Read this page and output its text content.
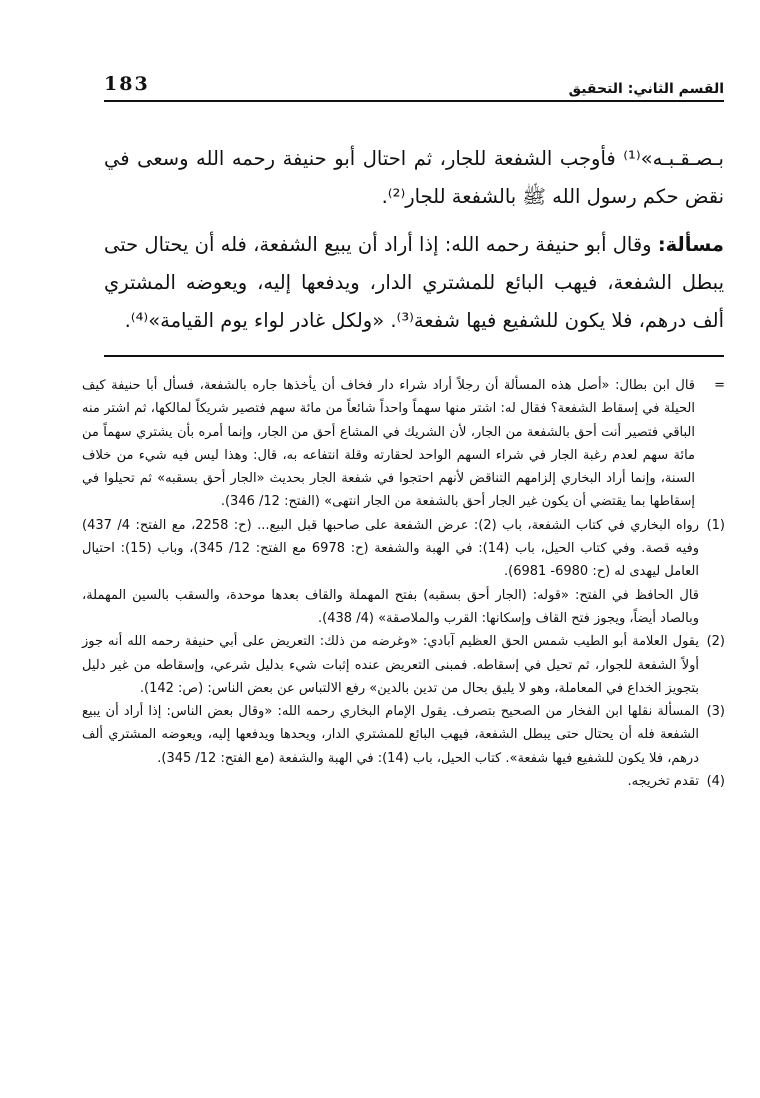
183	القسم الثاني: التحقيق

بـصـقـبـه»⁽¹⁾ فأوجب الشفعة للجار، ثم احتال أبو حنيفة رحمه الله وسعى في نقض حكم رسول الله ﷺ بالشفعة للجار⁽²⁾.

مسألة: وقال أبو حنيفة رحمه الله: إذا أراد أن يبيع الشفعة، فله أن يحتال حتى يبطل الشفعة، فيهب البائع للمشتري الدار، ويدفعها إليه، ويعوضه المشتري ألف درهم، فلا يكون للشفيع فيها شفعة⁽³⁾. «ولكل غادر لواء يوم القيامة»⁽⁴⁾.

=
قال ابن بطال: «أصل هذه المسألة أن رجلاً أراد شراء دار فخاف أن يأخذها جاره بالشفعة، فسأل أبا حنيفة كيف الحيلة في إسقاط الشفعة؟ فقال له: اشتر منها سهماً واحداً شائعاً من مائة سهم فتصير شريكاً لمالكها، ثم اشتر منه الباقي فتصير أنت أحق بالشفعة من الجار، لأن الشريك في المشاع أحق من الجار، وإنما أمره بأن يشتري سهماً من مائة سهم لعدم رغبة الجار في شراء السهم الواحد لحقارته وقلة انتفاعه به، قال: وهذا ليس فيه شيء من خلاف السنة، وإنما أراد البخاري إلزامهم التناقض لأنهم احتجوا في شفعة الجار بحديث «الجار أحق بسقبه» ثم تحيلوا في إسقاطها بما يقتضي أن يكون غير الجار أحق بالشفعة من الجار انتهى» (الفتح: 12/ 346).

(1)
رواه البخاري في كتاب الشفعة، باب (2): عرض الشفعة على صاحبها قبل البيع... (ح: 2258، مع الفتح: 4/ 437) وفيه قصة. وفي كتاب الحيل، باب (14): في الهبة والشفعة (ح: 6978 مع الفتح: 12/ 345)، وباب (15): احتيال العامل ليهدى له (ح: 6980- 6981).

قال الحافظ في الفتح: «قوله: (الجار أحق بسقبه) بفتح المهملة والقاف بعدها موحدة، والسقب بالسين المهملة، وبالصاد أيضاً، ويجوز فتح القاف وإسكانها: القرب والملاصقة» (4/ 438).

(2)
يقول العلامة أبو الطيب شمس الحق العظيم آبادي: «وغرضه من ذلك: التعريض على أبي حنيفة رحمه الله أنه جوز أولاً الشفعة للجوار، ثم تحيل في إسقاطه. فمبنى التعريض عنده إثبات شيء بدليل شرعي، وإسقاطه من غير دليل بتجويز الخداع في المعاملة، وهو لا يليق بحال من تدين بالدين» رفع الالتباس عن بعض الناس: (ص: 142).

(3)
المسألة نقلها ابن الفخار من الصحيح بتصرف. يقول الإمام البخاري رحمه الله: «وقال بعض الناس: إذا أراد أن يبيع الشفعة فله أن يحتال حتى يبطل الشفعة، فيهب البائع للمشتري الدار، ويحدها ويدفعها إليه، ويعوضه المشتري ألف درهم، فلا يكون للشفيع فيها شفعة». كتاب الحيل، باب (14): في الهبة والشفعة (مع الفتح: 12/ 345).

(4)
تقدم تخريجه.
